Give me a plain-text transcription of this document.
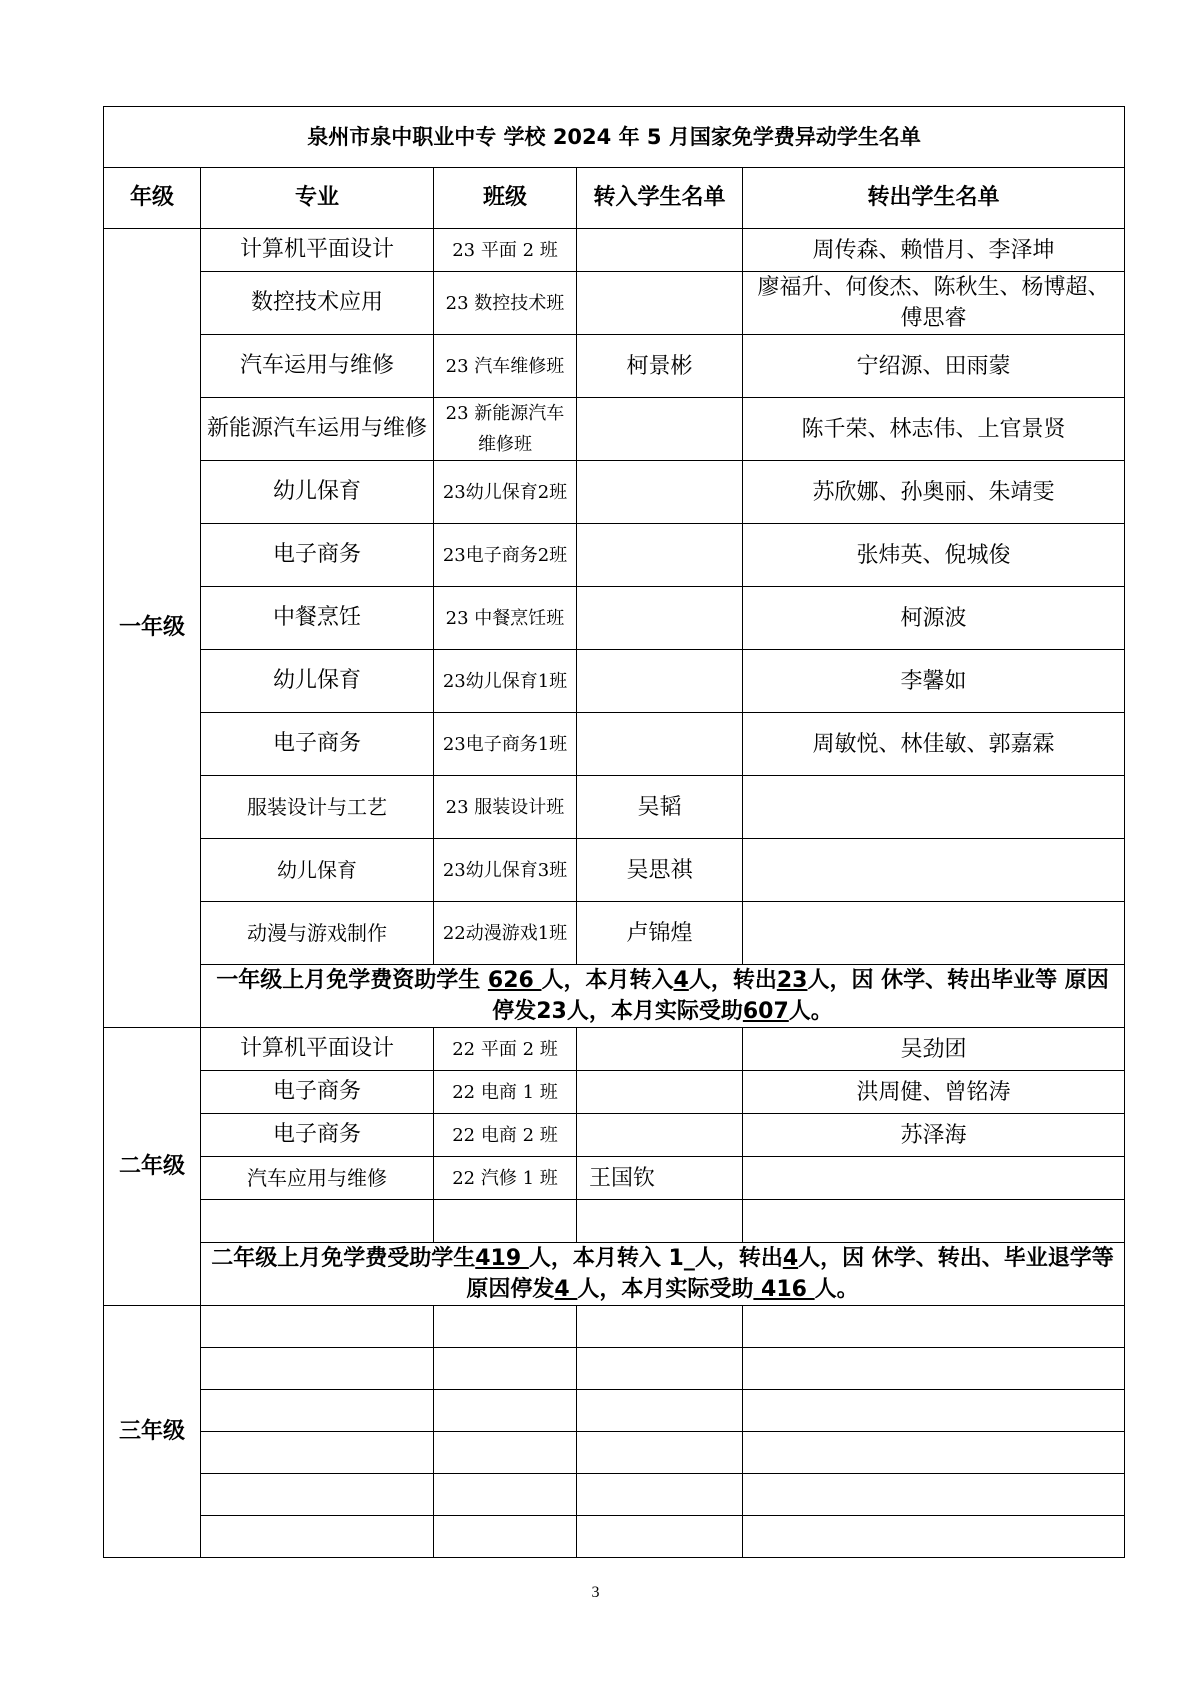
泉州市泉中职业中专 学校 2024 年 5 月国家免学费异动学生名单				
年级	专业	班级	转入学生名单	转出学生名单
一年级	计算机平面设计	23 平面 2 班		周传森、赖惜月、李泽坤
	数控技术应用	23 数控技术班		廖福升、何俊杰、陈秋生、杨博超、傅思睿
	汽车运用与维修	23 汽车维修班	柯景彬	宁绍源、田雨蒙
	新能源汽车运用与维修	23 新能源汽车维修班		陈千荣、林志伟、上官景贤
	幼儿保育	23幼儿保育2班		苏欣娜、孙奥丽、朱靖雯
	电子商务	23电子商务2班		张炜英、倪城俊
	中餐烹饪	23 中餐烹饪班		柯源波
	幼儿保育	23幼儿保育1班		李馨如
	电子商务	23电子商务1班		周敏悦、林佳敏、郭嘉霖
	服装设计与工艺	23 服装设计班	吴韬	
	幼儿保育	23幼儿保育3班	吴思祺	
	动漫与游戏制作	22动漫游戏1班	卢锦煌	
	一年级上月免学费资助学生 626 人，本月转入4人，转出23人，因 休学、转出毕业等 原因停发23人，本月实际受助607人。			
二年级	计算机平面设计	22 平面 2 班		吴劲团
	电子商务	22 电商 1 班		洪周健、曾铭涛
	电子商务	22 电商 2 班		苏泽海
	汽车应用与维修	22 汽修 1 班	王国钦	

	二年级上月免学费受助学生419 人，本月转入 1_人，转出4人，因 休学、转出、毕业退学等原因停发4 人，本月实际受助 416 人。			
三年级				

3
